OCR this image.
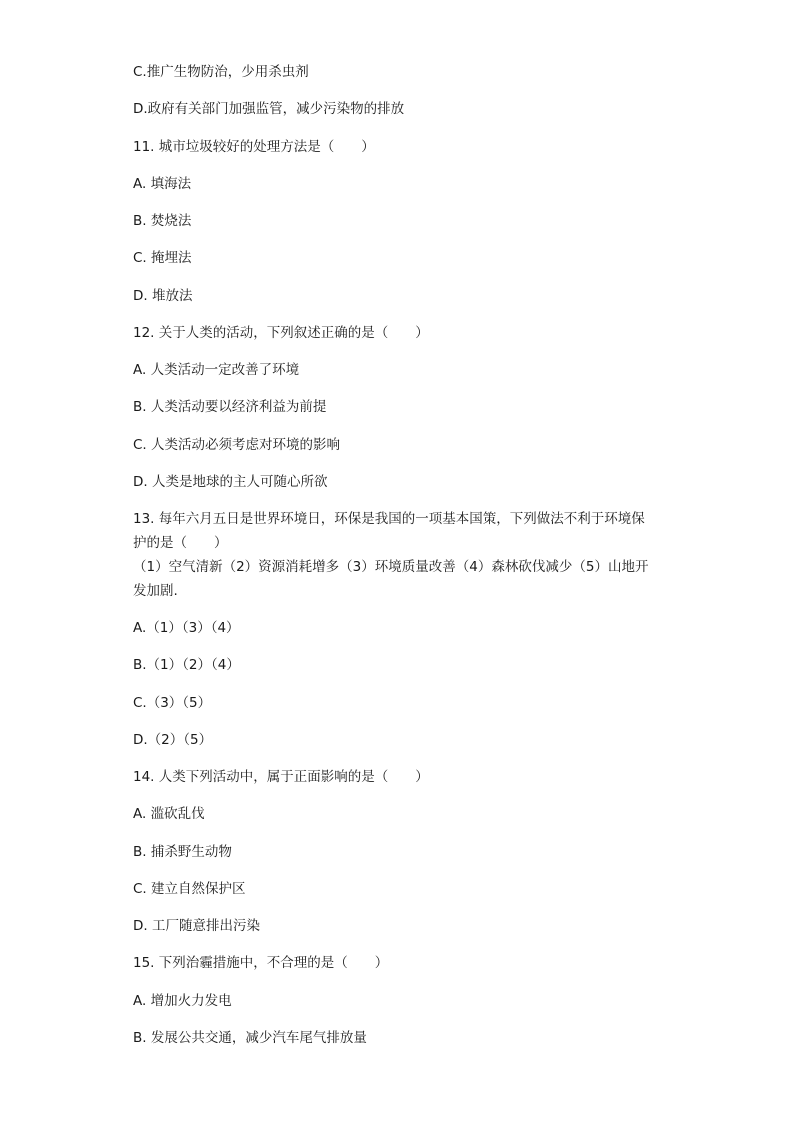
C.推广生物防治，少用杀虫剂
D.政府有关部门加强监管，减少污染物的排放
11. 城市垃圾较好的处理方法是（　　）
A. 填海法
B. 焚烧法
C. 掩埋法
D. 堆放法
12. 关于人类的活动，下列叙述正确的是（　　）
A. 人类活动一定改善了环境
B. 人类活动要以经济利益为前提
C. 人类活动必须考虑对环境的影响
D. 人类是地球的主人可随心所欲
13. 每年六月五日是世界环境日，环保是我国的一项基本国策，下列做法不利于环境保
护的是（　　）
（1）空气清新（2）资源消耗增多（3）环境质量改善（4）森林砍伐减少（5）山地开
发加剧.
A.（1）（3）（4）
B.（1）（2）（4）
C.（3）（5）
D.（2）（5）
14. 人类下列活动中，属于正面影响的是（　　）
A. 滥砍乱伐
B. 捕杀野生动物
C. 建立自然保护区
D. 工厂随意排出污染
15. 下列治霾措施中，不合理的是（　　）
A. 增加火力发电
B. 发展公共交通，减少汽车尾气排放量
